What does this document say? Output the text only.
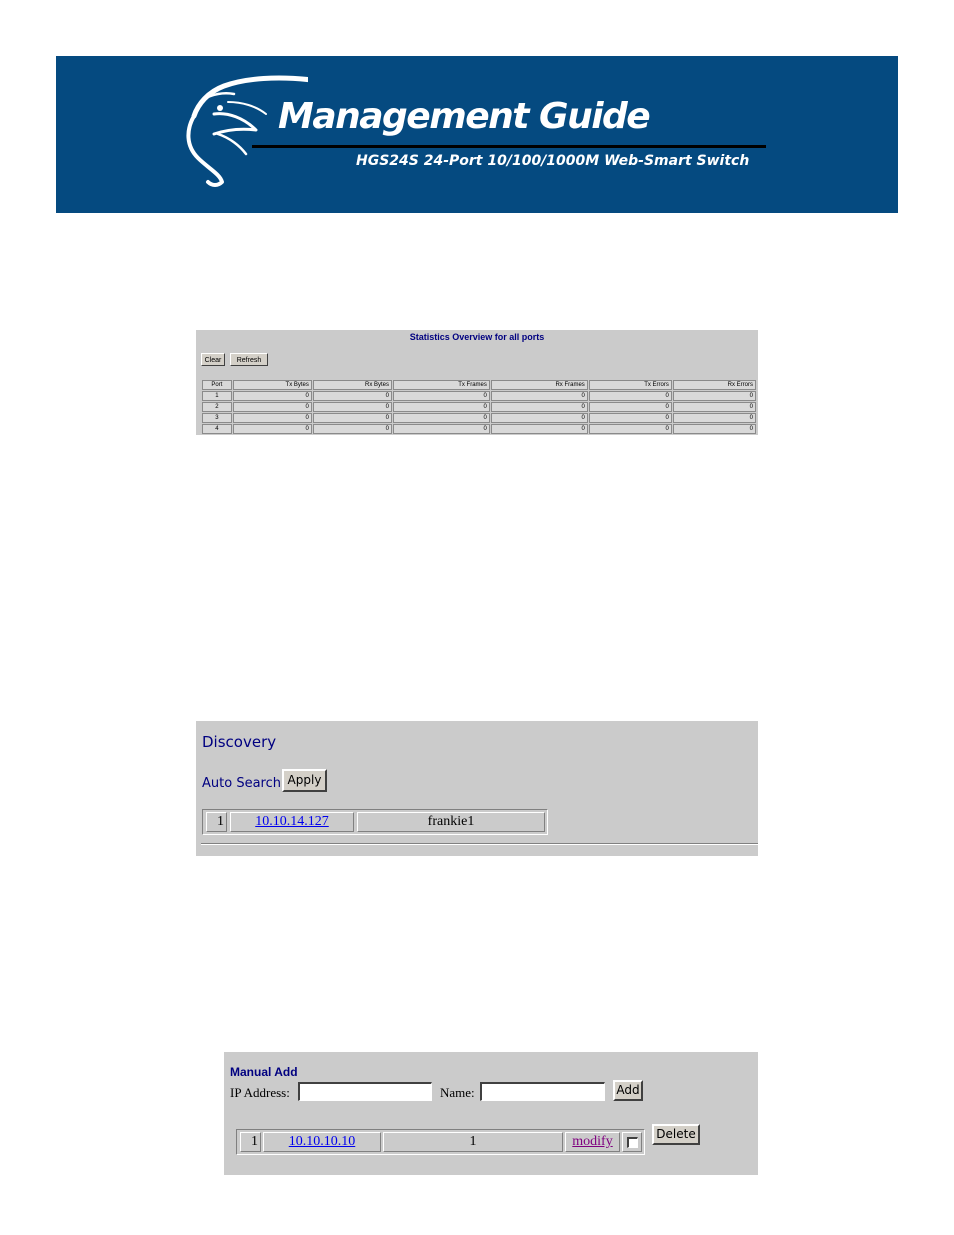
Management Guide
HGS24S 24-Port 10/100/1000M Web-Smart Switch
Statistics Overview for all ports
Clear	Refresh
Port	Tx Bytes	Rx Bytes	Tx Frames	Rx Frames	Tx Errors	Rx Errors
1	0	0	0	0	0	0
2	0	0	0	0	0	0
3	0	0	0	0	0	0
4	0	0	0	0	0	0
Discovery
Auto Search Apply
1	10.10.14.127	frankie1
Manual Add
IP Address:	Name:	Add
1	10.10.10.10	1	modify	Delete
